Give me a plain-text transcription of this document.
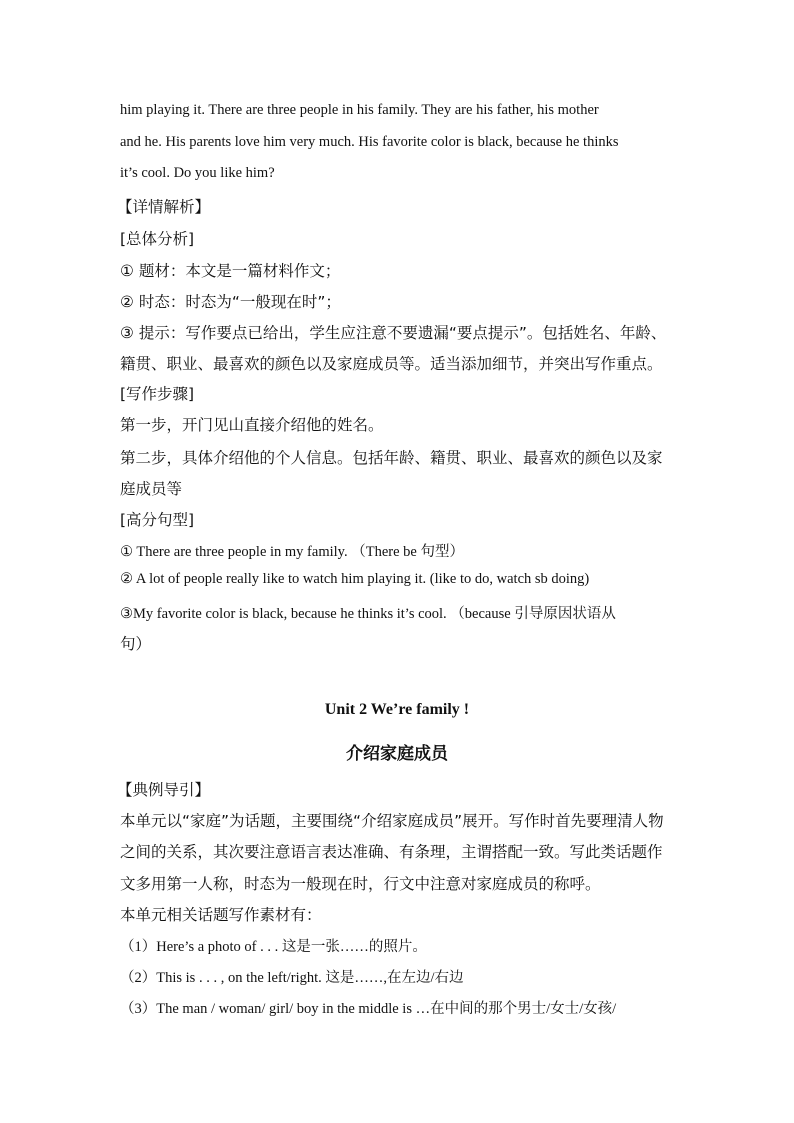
him playing it. There are three people in his family. They are his father, his mother
and he. His parents love him very much. His favorite color is black, because he thinks
it’s cool. Do you like him?
【详情解析】
[总体分析]
① 题材：本文是一篇材料作文；
② 时态：时态为“一般现在时”；
③ 提示：写作要点已给出，学生应注意不要遗漏“要点提示”。包括姓名、年龄、
籍贯、职业、最喜欢的颜色以及家庭成员等。适当添加细节，并突出写作重点。
[写作步骤]
第一步，开门见山直接介绍他的姓名。
第二步，具体介绍他的个人信息。包括年龄、籍贯、职业、最喜欢的颜色以及家
庭成员等
[高分句型]
① There are three people in my family. （There be 句型）
② A lot of people really like to watch him playing it. (like to do, watch sb doing)
③My favorite color is black, because he thinks it’s cool. （because 引导原因状语从
句）
Unit 2 We’re family !
介绍家庭成员
【典例导引】
本单元以“家庭”为话题，主要围绕“介绍家庭成员”展开。写作时首先要理清人物
之间的关系，其次要注意语言表达准确、有条理，主谓搭配一致。写此类话题作
文多用第一人称，时态为一般现在时，行文中注意对家庭成员的称呼。
本单元相关话题写作素材有：
（1）Here’s a photo of . . . 这是一张……的照片。
（2）This is . . . , on the left/right. 这是……,在左边/右边
（3）The man / woman/ girl/ boy in the middle is …在中间的那个男士/女士/女孩/
